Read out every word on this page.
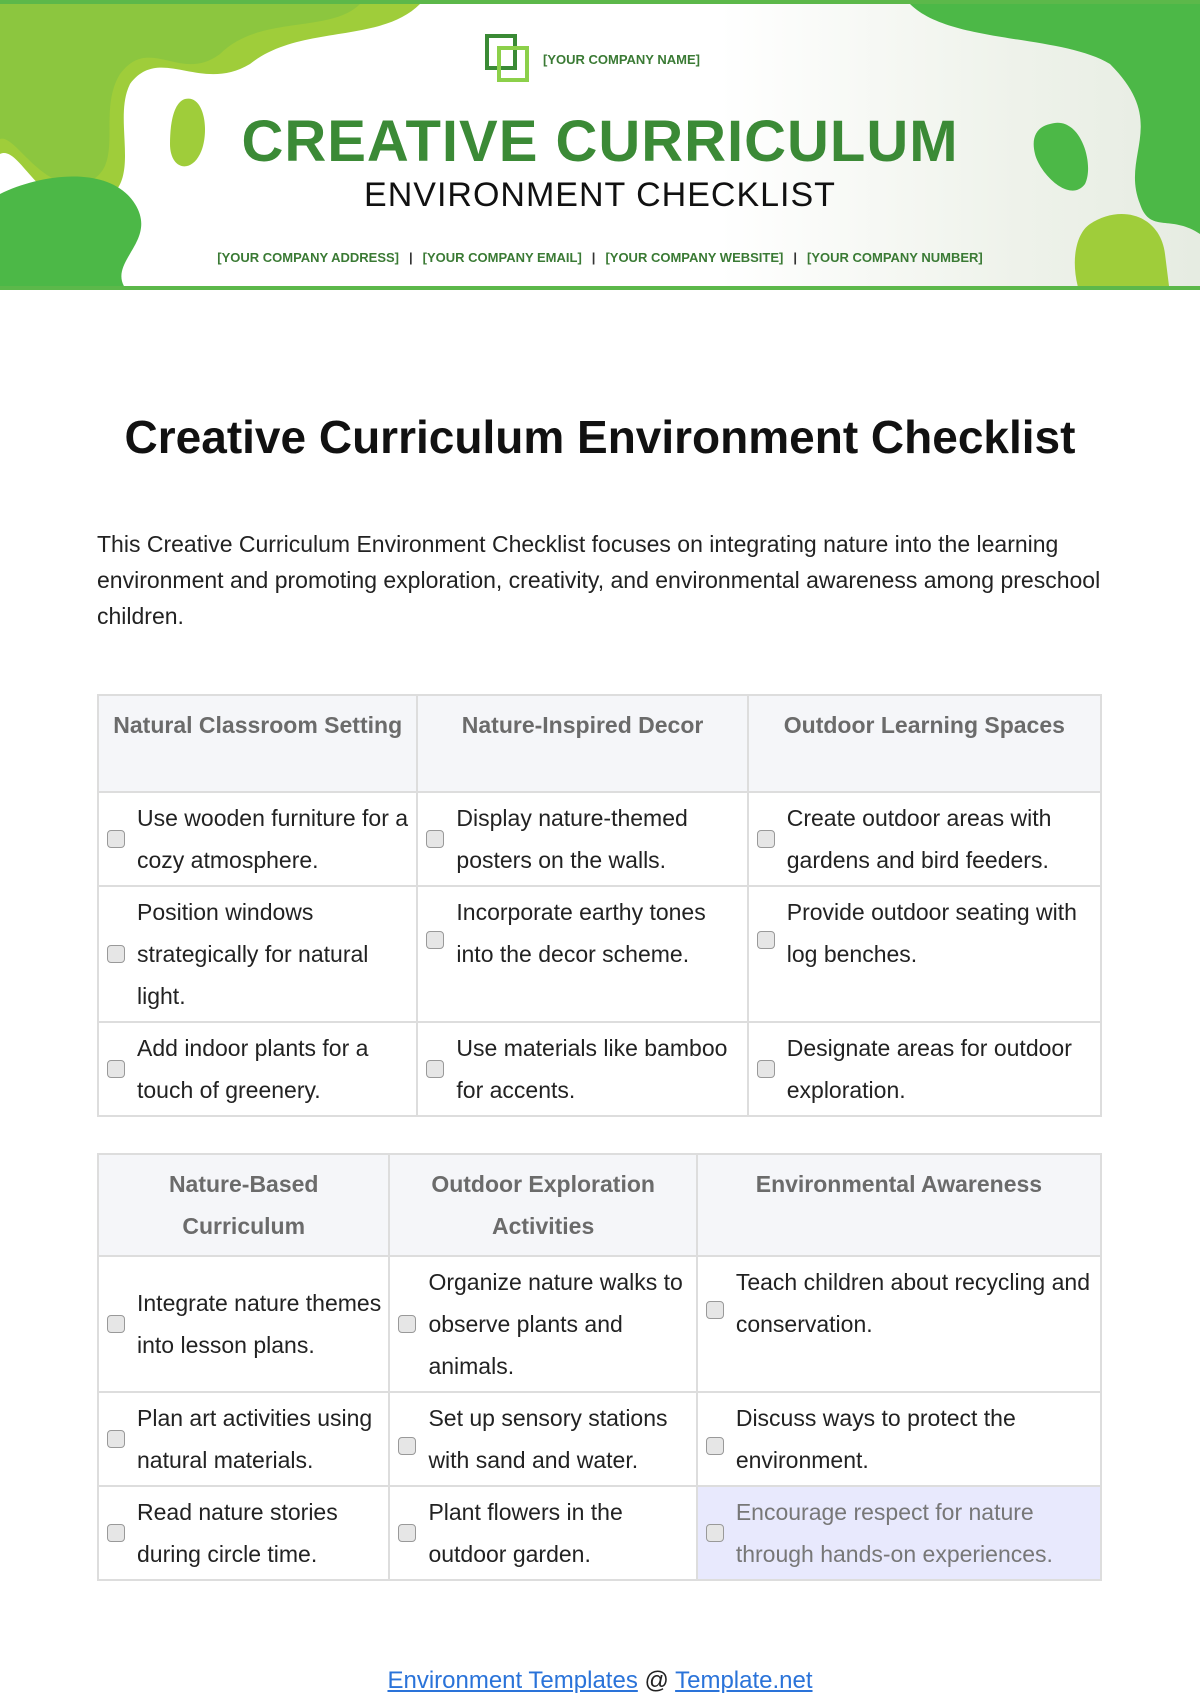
[YOUR COMPANY NAME]
CREATIVE CURRICULUM
ENVIRONMENT CHECKLIST
[YOUR COMPANY ADDRESS] | [YOUR COMPANY EMAIL] | [YOUR COMPANY WEBSITE] | [YOUR COMPANY NUMBER]
Creative Curriculum Environment Checklist

This Creative Curriculum Environment Checklist focuses on integrating nature into the learning environment and promoting exploration, creativity, and environmental awareness among preschool children.

Natural Classroom Setting	Nature-Inspired Decor	Outdoor Learning Spaces

Use wooden furniture for a cozy atmosphere.	Display nature-themed posters on the walls.	Create outdoor areas with gardens and bird feeders.

Position windows strategically for natural light.	Incorporate earthy tones into the decor scheme.	Provide outdoor seating with log benches.

Add indoor plants for a touch of greenery.	Use materials like bamboo for accents.	Designate areas for outdoor exploration.
Nature-Based Curriculum	Outdoor Exploration Activities	Environmental Awareness

Integrate nature themes into lesson plans.	Organize nature walks to observe plants and animals.	Teach children about recycling and conservation.

Plan art activities using natural materials.	Set up sensory stations with sand and water.	Discuss ways to protect the environment.

Read nature stories during circle time.	Plant flowers in the outdoor garden.	Encourage respect for nature through hands-on experiences.
Environment Templates @ Template.net
